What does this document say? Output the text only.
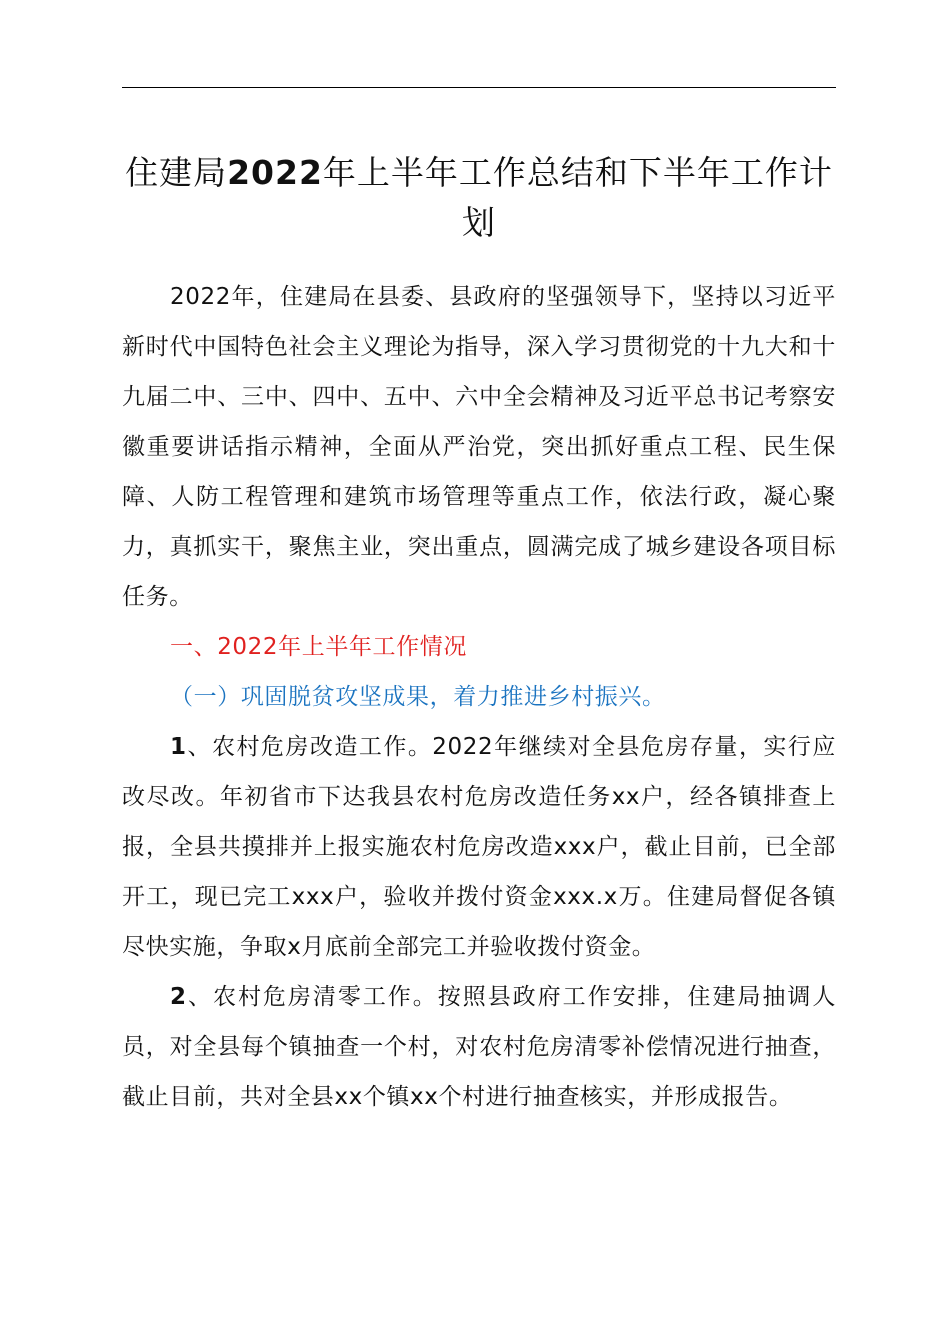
住建局2022年上半年工作总结和下半年工作计划

2022年，住建局在县委、县政府的坚强领导下，坚持以习近平新时代中国特色社会主义理论为指导，深入学习贯彻党的十九大和十九届二中、三中、四中、五中、六中全会精神及习近平总书记考察安徽重要讲话指示精神，全面从严治党，突出抓好重点工程、民生保障、人防工程管理和建筑市场管理等重点工作，依法行政，凝心聚力，真抓实干，聚焦主业，突出重点，圆满完成了城乡建设各项目标任务。

一、2022年上半年工作情况

（一）巩固脱贫攻坚成果，着力推进乡村振兴。

1、农村危房改造工作。2022年继续对全县危房存量，实行应改尽改。年初省市下达我县农村危房改造任务xx户，经各镇排查上报，全县共摸排并上报实施农村危房改造xxx户，截止目前，已全部开工，现已完工xxx户，验收并拨付资金xxx.x万。住建局督促各镇尽快实施，争取x月底前全部完工并验收拨付资金。

2、农村危房清零工作。按照县政府工作安排，住建局抽调人员，对全县每个镇抽查一个村，对农村危房清零补偿情况进行抽查，截止目前，共对全县xx个镇xx个村进行抽查核实，并形成报告。
